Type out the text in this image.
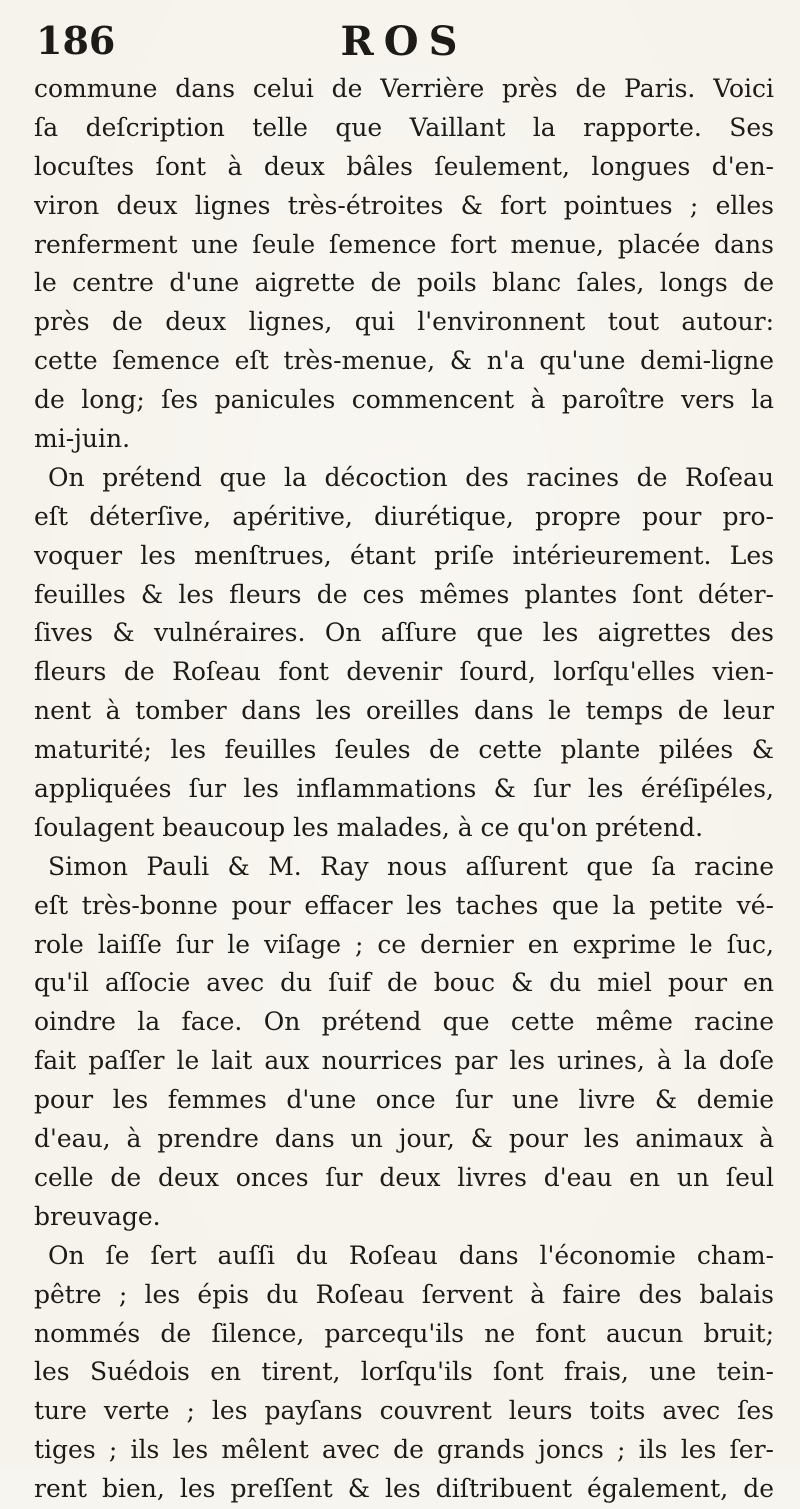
186	ROS
commune dans celui de Verrière près de Paris. Voici
ſa deſcription telle que Vaillant la rapporte. Ses
locuſtes ſont à deux bâles ſeulement, longues d'en-
viron deux lignes très-étroites & fort pointues ; elles
renferment une ſeule ſemence fort menue, placée dans
le centre d'une aigrette de poils blanc ſales, longs de
près de deux lignes, qui l'environnent tout autour:
cette ſemence eſt très-menue, & n'a qu'une demi-ligne
de long; ſes panicules commencent à paroître vers la
mi-juin.
On prétend que la décoction des racines de Roſeau
eſt déterſive, apéritive, diurétique, propre pour pro-
voquer les menſtrues, étant priſe intérieurement. Les
feuilles & les fleurs de ces mêmes plantes ſont déter-
ſives & vulnéraires. On aſſure que les aigrettes des
fleurs de Roſeau font devenir ſourd, lorſqu'elles vien-
nent à tomber dans les oreilles dans le temps de leur
maturité; les feuilles ſeules de cette plante pilées &
appliquées ſur les inflammations & ſur les éréſipéles,
ſoulagent beaucoup les malades, à ce qu'on prétend.
Simon Pauli & M. Ray nous aſſurent que ſa racine
eſt très-bonne pour effacer les taches que la petite vé-
role laiſſe ſur le viſage ; ce dernier en exprime le ſuc,
qu'il aſſocie avec du ſuif de bouc & du miel pour en
oindre la face. On prétend que cette même racine
fait paſſer le lait aux nourrices par les urines, à la doſe
pour les femmes d'une once ſur une livre & demie
d'eau, à prendre dans un jour, & pour les animaux à
celle de deux onces ſur deux livres d'eau en un ſeul
breuvage.
On ſe ſert auſſi du Roſeau dans l'économie cham-
pêtre ; les épis du Roſeau ſervent à faire des balais
nommés de ſilence, parcequ'ils ne font aucun bruit;
les Suédois en tirent, lorſqu'ils ſont frais, une tein-
ture verte ; les payſans couvrent leurs toits avec ſes
tiges ; ils les mêlent avec de grands joncs ; ils les ſer-
rent bien, les preſſent & les diſtribuent également, de
